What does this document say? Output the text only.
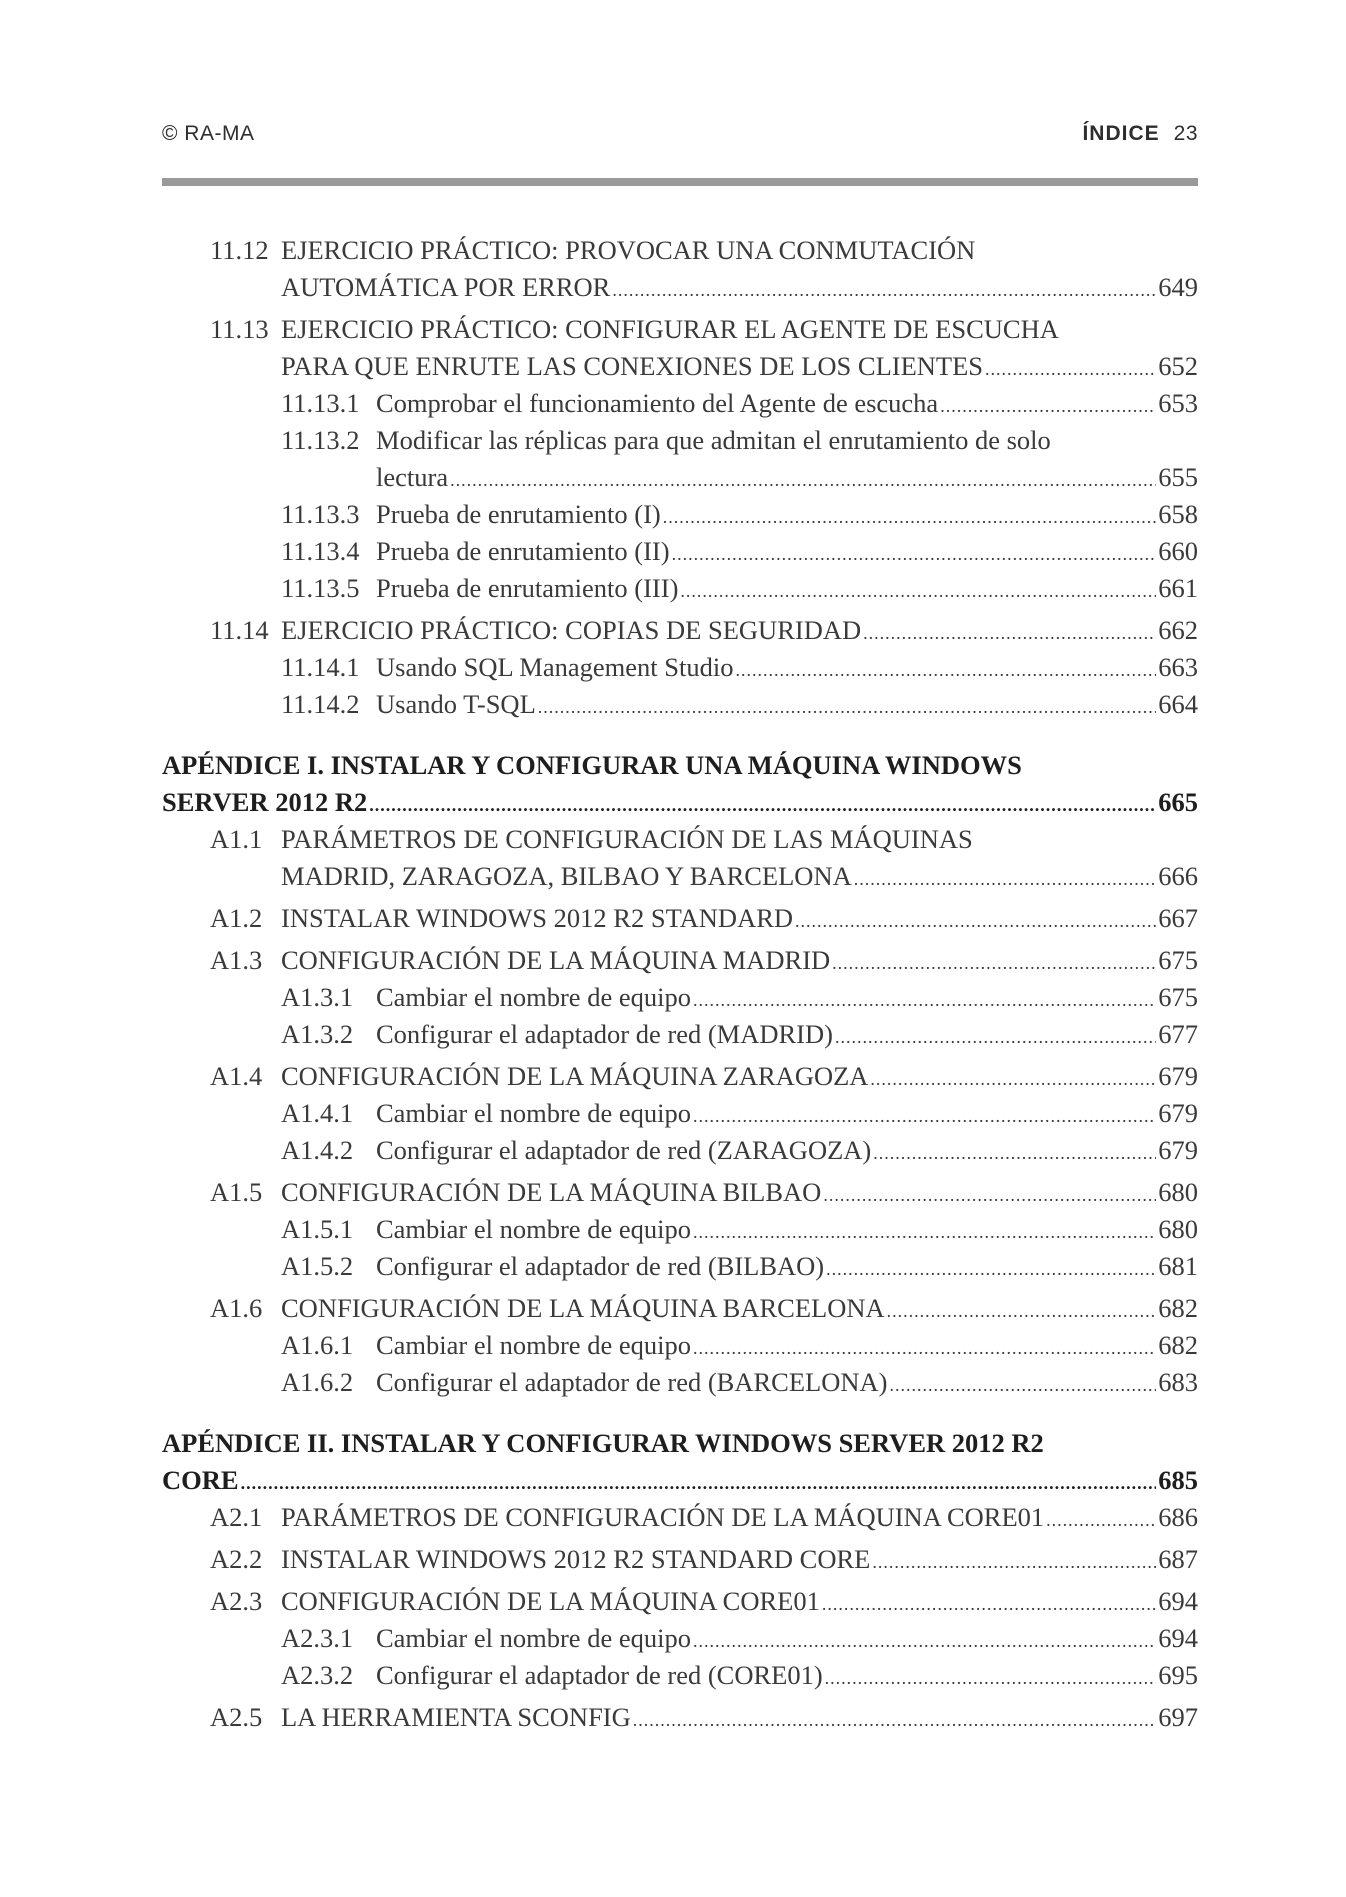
© RA-MA	ÍNDICE 23
11.12 EJERCICIO PRÁCTICO: PROVOCAR UNA CONMUTACIÓN
AUTOMÁTICA POR ERROR .....	649
11.13 EJERCICIO PRÁCTICO: CONFIGURAR EL AGENTE DE ESCUCHA
PARA QUE ENRUTE LAS CONEXIONES DE LOS CLIENTES .....	652
11.13.1 Comprobar el funcionamiento del Agente de escucha .....	653
11.13.2 Modificar las réplicas para que admitan el enrutamiento de solo
lectura .....	655
11.13.3 Prueba de enrutamiento (I) .....	658
11.13.4 Prueba de enrutamiento (II) .....	660
11.13.5 Prueba de enrutamiento (III) .....	661
11.14 EJERCICIO PRÁCTICO: COPIAS DE SEGURIDAD .....	662
11.14.1 Usando SQL Management Studio .....	663
11.14.2 Usando T-SQL .....	664
APÉNDICE I. INSTALAR Y CONFIGURAR UNA MÁQUINA WINDOWS
SERVER 2012 R2 .....	665
A1.1 PARÁMETROS DE CONFIGURACIÓN DE LAS MÁQUINAS
MADRID, ZARAGOZA, BILBAO Y BARCELONA .....	666
A1.2 INSTALAR WINDOWS 2012 R2 STANDARD .....	667
A1.3 CONFIGURACIÓN DE LA MÁQUINA MADRID .....	675
A1.3.1 Cambiar el nombre de equipo .....	675
A1.3.2 Configurar el adaptador de red (MADRID) .....	677
A1.4 CONFIGURACIÓN DE LA MÁQUINA ZARAGOZA .....	679
A1.4.1 Cambiar el nombre de equipo .....	679
A1.4.2 Configurar el adaptador de red (ZARAGOZA) .....	679
A1.5 CONFIGURACIÓN DE LA MÁQUINA BILBAO .....	680
A1.5.1 Cambiar el nombre de equipo .....	680
A1.5.2 Configurar el adaptador de red (BILBAO) .....	681
A1.6 CONFIGURACIÓN DE LA MÁQUINA BARCELONA .....	682
A1.6.1 Cambiar el nombre de equipo .....	682
A1.6.2 Configurar el adaptador de red (BARCELONA) .....	683
APÉNDICE II. INSTALAR Y CONFIGURAR WINDOWS SERVER 2012 R2
CORE .....	685
A2.1 PARÁMETROS DE CONFIGURACIÓN DE LA MÁQUINA CORE01 .....	686
A2.2 INSTALAR WINDOWS 2012 R2 STANDARD CORE .....	687
A2.3 CONFIGURACIÓN DE LA MÁQUINA CORE01 .....	694
A2.3.1 Cambiar el nombre de equipo .....	694
A2.3.2 Configurar el adaptador de red (CORE01) .....	695
A2.5 LA HERRAMIENTA SCONFIG .....	697
